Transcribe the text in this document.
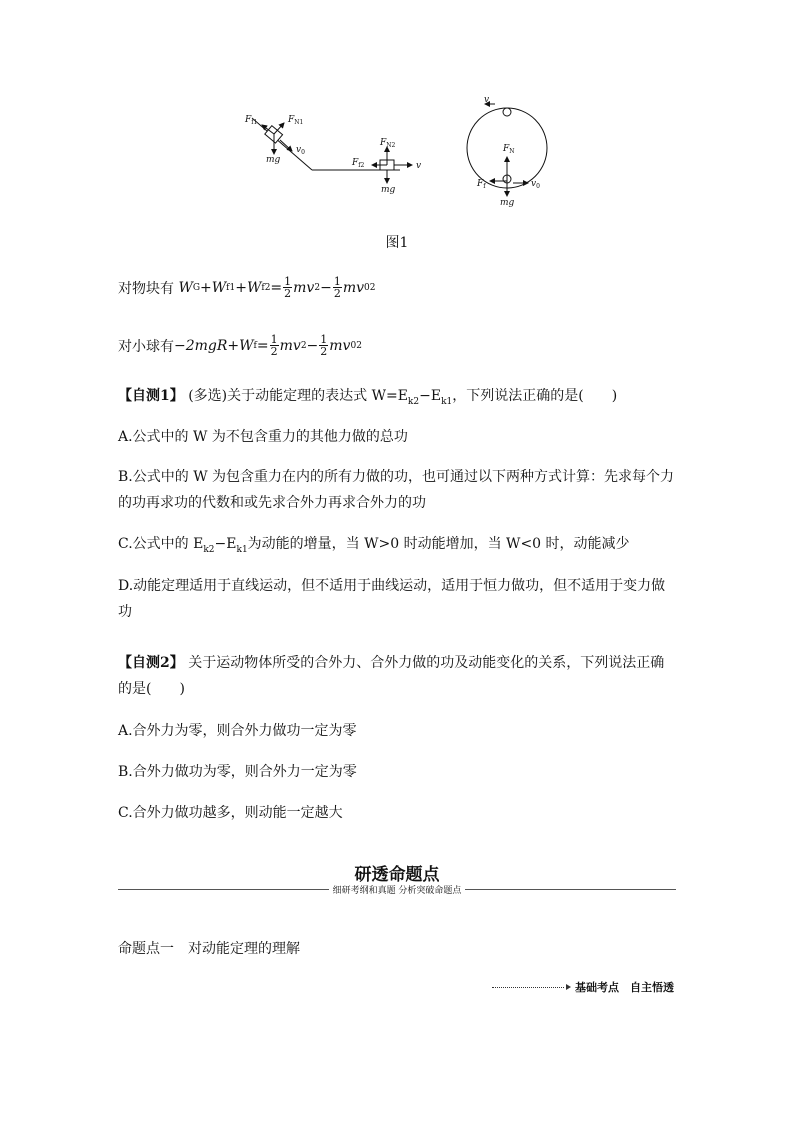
$F_{f1}$	$F_{N1}$
mg
$v_0$
$F_{N2}$
$F_{f2}$	v
mg
v
$F_N$
$F_f$	$v_0$
mg
图1
对物块有
W G + W f1 + W $f2 = \frac{1}{2}$ mv $2 - \frac{1}{2}$ mv 0 2
对小球有 −2mgR + W $f = \frac{1}{2}$ mv $2 - \frac{1}{2}$ mv 0 2
【自测1】 (多选)关于动能定理的表达式 $W=E_{k2}-E_{k1}$，下列说法正确的是(　　)
A.公式中的 W 为不包含重力的其他力做的总功
B.公式中的 W 为包含重力在内的所有力做的功，也可通过以下两种方式计算：先求每个力的功再求功的代数和或先求合外力再求合外力的功
C.公式中的 $E_{k2}-E_{k1}$为动能的增量，当 W>0 时动能增加，当 W<0 时，动能减少
D.动能定理适用于直线运动，但不适用于曲线运动，适用于恒力做功，但不适用于变力做功
【自测2】 关于运动物体所受的合外力、合外力做的功及动能变化的关系，下列说法正确的是(　　)
A.合外力为零，则合外力做功一定为零
B.合外力做功为零，则合外力一定为零
C.合外力做功越多，则动能一定越大
研透命题点
细研考纲和真题 分析突破命题点
命题点一　对动能定理的理解
基础考点　自主悟透
